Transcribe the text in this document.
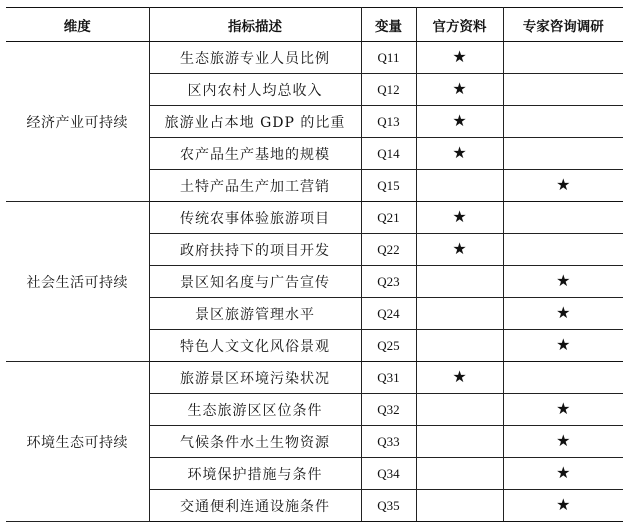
维度	指标描述	变量	官方资料	专家咨询调研
经济产业可持续	生态旅游专业人员比例	Q11	★	
	区内农村人均总收入	Q12	★	
	旅游业占本地 GDP 的比重	Q13	★	
	农产品生产基地的规模	Q14	★	
	土特产品生产加工营销	Q15		★
社会生活可持续	传统农事体验旅游项目	Q21	★	
	政府扶持下的项目开发	Q22	★	
	景区知名度与广告宣传	Q23		★
	景区旅游管理水平	Q24		★
	特色人文文化风俗景观	Q25		★
环境生态可持续	旅游景区环境污染状况	Q31	★	
	生态旅游区区位条件	Q32		★
	气候条件水土生物资源	Q33		★
	环境保护措施与条件	Q34		★
	交通便利连通设施条件	Q35		★
